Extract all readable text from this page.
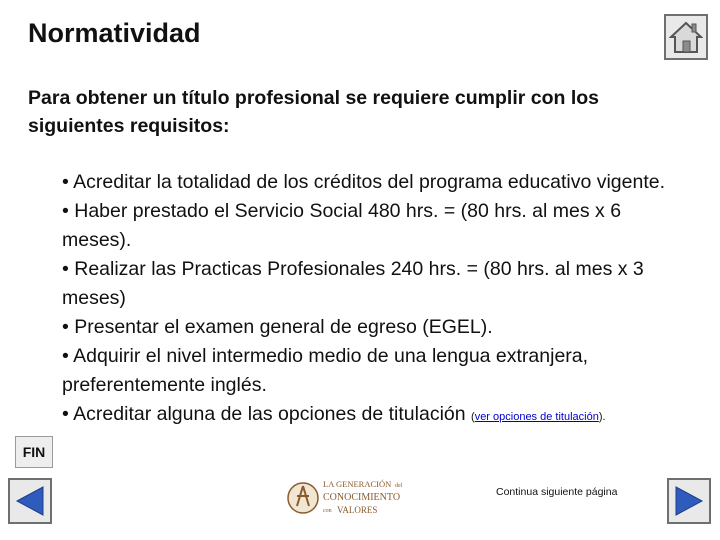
Normatividad
Para obtener un título profesional se requiere cumplir con los siguientes requisitos:
• Acreditar la totalidad de los créditos del programa educativo vigente.
• Haber prestado el Servicio Social 480 hrs. = (80 hrs. al mes x 6 meses).
• Realizar las Practicas Profesionales 240 hrs. = (80 hrs. al mes x 3 meses)
• Presentar el examen general de egreso (EGEL).
• Adquirir el nivel intermedio medio de una lengua extranjera, preferentemente inglés.
• Acreditar alguna de las opciones de titulación (ver opciones de titulación).
FIN
LA GENERACIÓN del
CONOCIMIENTO
con VALORES
Continua siguiente página
